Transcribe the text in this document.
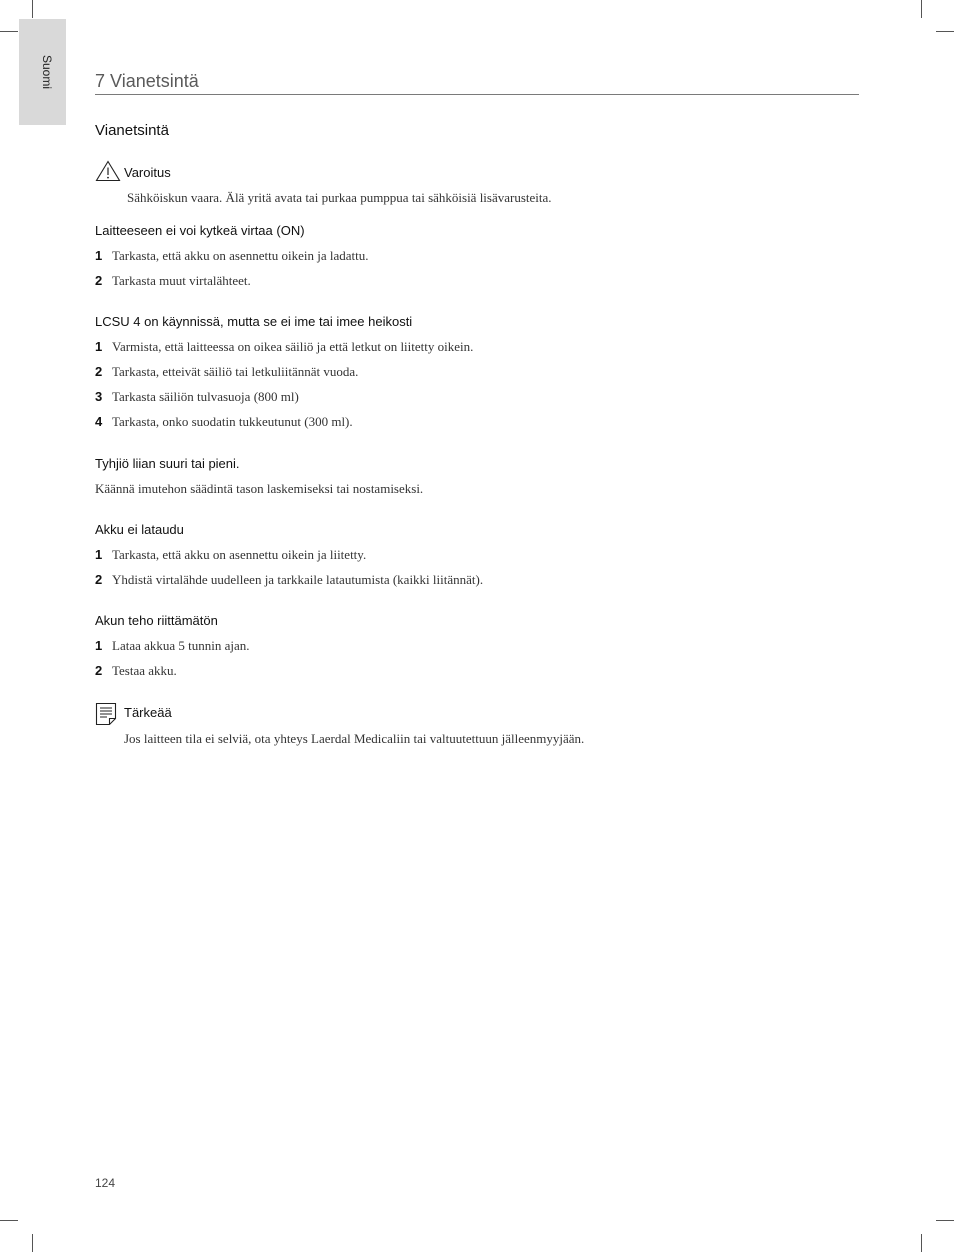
Suomi 7 Vianetsintä
Vianetsintä
Varoitus
Sähköiskun vaara. Älä yritä avata tai purkaa pumppua tai sähköisiä lisävarusteita.
Laitteeseen ei voi kytkeä virtaa (ON)
1 Tarkasta, että akku on asennettu oikein ja ladattu.
2 Tarkasta muut virtalähteet.
LCSU 4 on käynnissä, mutta se ei ime tai imee heikosti
1 Varmista, että laitteessa on oikea säiliö ja että letkut on liitetty oikein.
2 Tarkasta, etteivät säiliö tai letkuliitännät vuoda.
3 Tarkasta säiliön tulvasuoja (800 ml)
4 Tarkasta, onko suodatin tukkeutunut (300 ml).
Tyhjiö liian suuri tai pieni.
Käännä imutehon säädintä tason laskemiseksi tai nostamiseksi.
Akku ei lataudu
1 Tarkasta, että akku on asennettu oikein ja liitetty.
2 Yhdistä virtalähde uudelleen ja tarkkaile latautumista (kaikki liitännät).
Akun teho riittämätön
1 Lataa akkua 5 tunnin ajan.
2 Testaa akku.
Tärkeää
Jos laitteen tila ei selviä, ota yhteys Laerdal Medicaliin tai valtuutettuun jälleenmyyjään.
124
